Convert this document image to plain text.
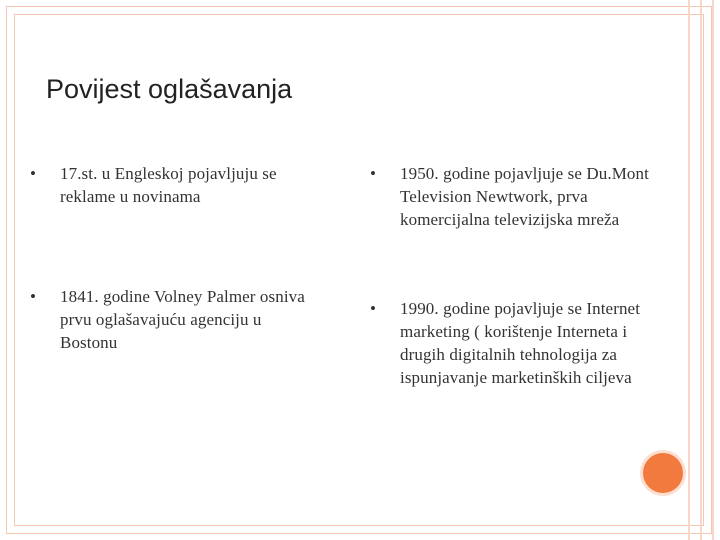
Povijest oglašavanja
•	17.st. u Engleskoj pojavljuju se
reklame u novinama
•	1841. godine Volney Palmer osniva
prvu oglašavajuću agenciju u
Bostonu
•	1950. godine pojavljuje se Du.Mont
Television Newtwork, prva

komercijalna televizijska mreža
•	1990. godine pojavljuje se Internet
marketing ( korištenje Interneta i
drugih digitalnih tehnologija za
ispunjavanje marketinških ciljeva
